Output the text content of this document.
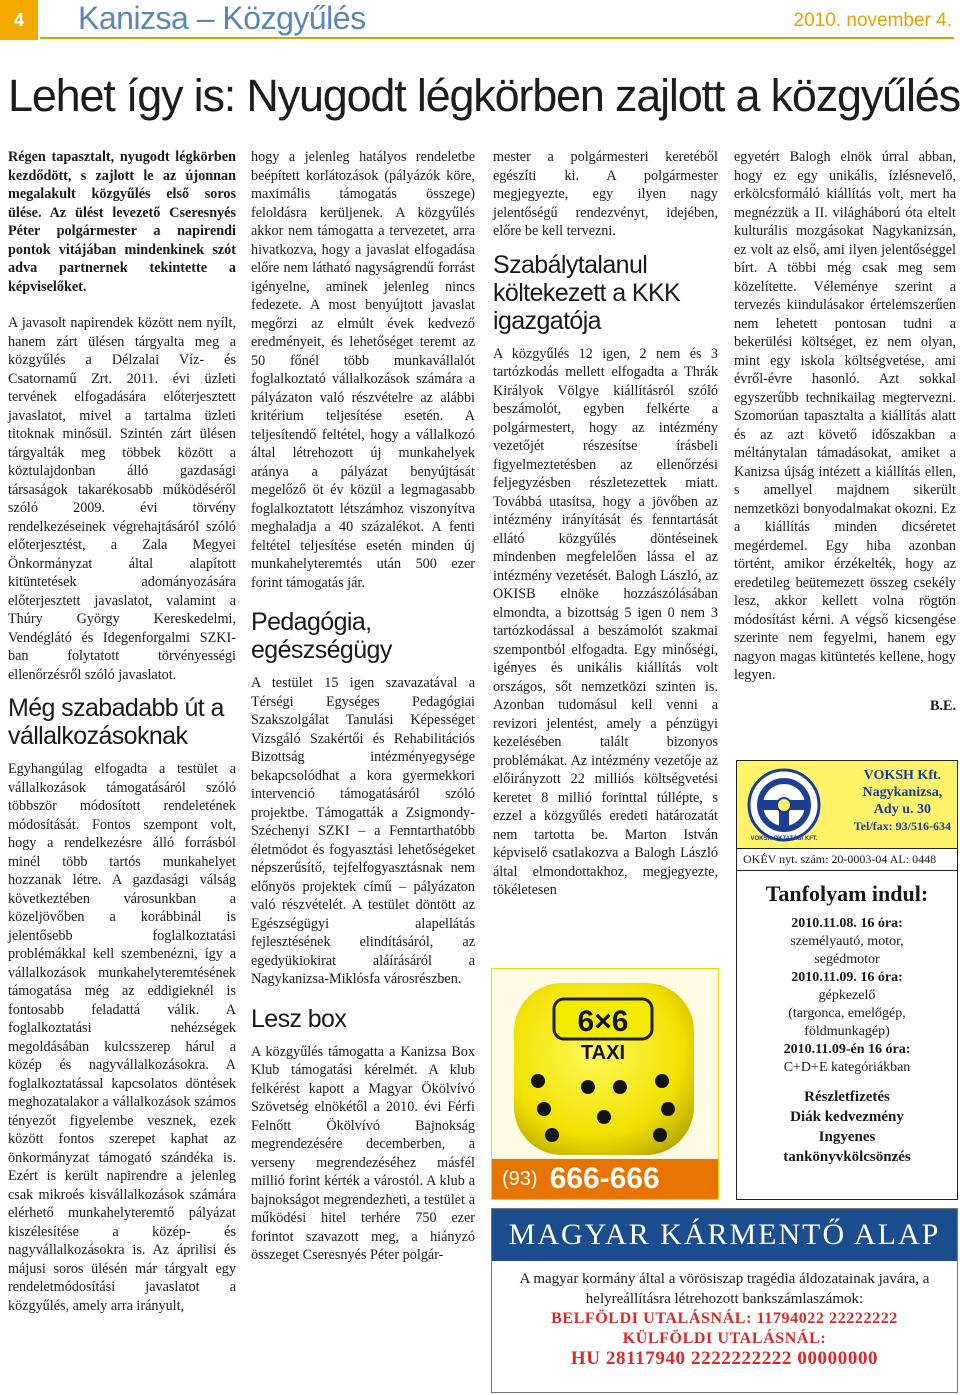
4	Kanizsa – Közgyűlés	2010. november 4.
Lehet így is: Nyugodt légkörben zajlott a közgyűlés

Régen tapasztalt, nyugodt légkörben kezdődött, s zajlott le az újonnan megalakult közgyűlés első soros ülése. Az ülést levezető Cseresnyés Péter polgármester a napirendi pontok vitájában mindenkinek szót adva partnernek tekintette a képviselőket.

A javasolt napirendek között nem nyílt, hanem zárt ülésen tárgyalta meg a közgyűlés a Délzalai Víz- és Csatornamű Zrt. 2011. évi üzleti tervének elfogadására előterjesztett javaslatot, mivel a tartalma üzleti titoknak minősül. Szintén zárt ülésen tárgyalták meg többek között a köztulajdonban álló gazdasági társaságok takarékosabb működéséről szóló 2009. évi törvény rendelkezéseinek végrehajtásáról szóló előterjesztést, a Zala Megyei Önkormányzat által alapított kitüntetések adományozására előterjesztett javaslatot, valamint a Thúry György Kereskedelmi, Vendéglátó és Idegenforgalmi SZKI-ban folytatott törvényességi ellenőrzésről szóló javaslatot.

Még szabadabb út a vállalkozásoknak

Egyhangúlag elfogadta a testület a vállalkozások támogatásáról szóló többször módosított rendeletének módosítását. Fontos szempont volt, hogy a rendelkezésre álló forrásból minél több tartós munkahelyet hozzanak létre. A gazdasági válság következtében városunkban a közeljövőben a korábbinál is jelentősebb foglalkoztatási problémákkal kell szembenézni, így a vállalkozások munkahelyteremtésének támogatása még az eddigieknél is fontosabb feladattá válik. A foglalkoztatási nehézségek megoldásában kulcsszerep hárul a közép és nagyvállalkozásokra. A foglalkoztatással kapcsolatos döntések meghozatalakor a vállalkozások számos tényezőt figyelembe vesznek, ezek között fontos szerepet kaphat az önkormányzat támogató szándéka is. Ezért is került napirendre a jelenleg csak mikroés kisvállalkozások számára elérhető munkahelyteremtő pályázat kiszélesítése a közép- és nagyvállalkozásokra is. Az áprilisi és májusi soros ülésén már tárgyalt egy rendeletmódosítási javaslatot a közgyűlés, amely arra irányult,

hogy a jelenleg hatályos rendeletbe beépített korlátozások (pályázók köre, maximális támogatás összege) feloldásra kerüljenek. A közgyűlés akkor nem támogatta a tervezetet, arra hivatkozva, hogy a javaslat elfogadása előre nem látható nagyságrendű forrást igényelne, aminek jelenleg nincs fedezete. A most benyújtott javaslat megőrzi az elmúlt évek kedvező eredményeit, és lehetőséget teremt az 50 főnél több munkavállalót foglalkoztató vállalkozások számára a pályázaton való részvételre az alábbi kritérium teljesítése esetén. A teljesítendő feltétel, hogy a vállalkozó által létrehozott új munkahelyek aránya a pályázat benyújtását megelőző öt év közül a legmagasabb foglalkoztatott létszámhoz viszonyítva meghaladja a 40 százalékot. A fenti feltétel teljesítése esetén minden új munkahelyteremtés után 500 ezer forint támogatás jár.

Pedagógia, egészségügy

A testület 15 igen szavazatával a Térségi Egységes Pedagógiai Szakszolgálat Tanulási Képességet Vizsgáló Szakértői és Rehabilitációs Bizottság intézményegysége bekapcsolódhat a kora gyermekkori intervenció támogatásáról szóló projektbe. Támogatták a Zsigmondy-Széchenyi SZKI – a Fenntarthatóbb életmódot és fogyasztási lehetőségeket népszerűsítő, tejfelfogyasztásnak nem előnyös projektek című – pályázaton való részvételét. A testület döntött az Egészségügyi alapellátás fejlesztésének elindításáról, az egedyükiokirat aláírásáról a Nagykanizsa-Miklósfa városrészben.

Lesz box

A közgyűlés támogatta a Kanizsa Box Klub támogatási kérelmét. A klub felkérést kapott a Magyar Ökölvívó Szövetség elnökétől a 2010. évi Férfi Felnőtt Ökölvívó Bajnokság megrendezésére decemberben, a verseny megrendezéséhez másfél millió forint kérték a várostól. A klub a bajnokságot megrendezheti, a testület a működési hitel terhére 750 ezer forintot szavazott meg, a hiányzó összeget Cseresnyés Péter polgár-

mester a polgármesteri keretéből egészíti ki. A polgármester megjegyezte, egy ilyen nagy jelentőségű rendezvényt, idejében, előre be kell tervezni.

Szabálytalanul költekezett a KKK igazgatója

A közgyűlés 12 igen, 2 nem és 3 tartózkodás mellett elfogadta a Thrák Királyok Völgye kiállításról szóló beszámolót, egyben felkérte a polgármestert, hogy az intézmény vezetőjét részesítse írásbeli figyelmeztetésben az ellenőrzési feljegyzésben részletezettek miatt. Továbbá utasítsa, hogy a jövőben az intézmény irányítását és fenntartását ellátó közgyűlés döntéseinek mindenben megfelelően lássa el az intézmény vezetését. Balogh László, az OKISB elnöke hozzászólásában elmondta, a bizottság 5 igen 0 nem 3 tartózkodással a beszámolót szakmai szempontból elfogadta. Egy minőségi, igényes és unikális kiállítás volt országos, sőt nemzetközi szinten is. Azonban tudomásul kell venni a revizori jelentést, amely a pénzügyi kezelésében talált bizonyos problémákat. Az intézmény vezetője az előirányzott 22 milliós költségvetési keretet 8 millió forinttal túllépte, s ezzel a közgyűlés eredeti határozatát nem tartotta be. Marton István képviselő csatlakozva a Balogh László által elmondottakhoz, megjegyezte, tökéletesen

egyetért Balogh elnök úrral abban, hogy ez egy unikális, ízlésnevelő, erkölcsformáló kiállítás volt, mert ha megnézzük a II. világháború óta eltelt kulturális mozgásokat Nagykanizsán, ez volt az első, ami ilyen jelentőséggel bírt. A többi még csak meg sem közelítette. Véleménye szerint a tervezés kiindulásakor értelemszerűen nem lehetett pontosan tudni a bekerülési költséget, ez nem olyan, mint egy iskola költségvetése, ami évről-évre hasonló. Azt sokkal egyszerűbb technikailag megtervezni. Szomorúan tapasztalta a kiállítás alatt és az azt követő időszakban a méltánytalan támadásokat, amiket a Kanizsa újság intézett a kiállítás ellen, s amellyel majdnem sikerült nemzetközi bonyodalmakat okozni. Ez a kiállítás minden dicséretet megérdemel. Egy hiba azonban történt, amikor érzékelték, hogy az eredetileg beütemezett összeg csekély lesz, akkor kellett volna rögtön módosítást kérni. A végső kicsengése szerinte nem fegyelmi, hanem egy nagyon magas kitüntetés kellene, hogy legyen.

B.E.

6×6
TAXI
(93) 666-666
VOKSH OKTATÁSI KFT.
VOKSH Kft.
Nagykanizsa,
Ady u. 30
Tel/fax: 93/516-634
OKÉV nyt. szám: 20-0003-04 AL: 0448
Tanfolyam indul:
2010.11.08. 16 óra:
személyautó, motor,
segédmotor
2010.11.09. 16 óra:
gépkezelő
(targonca, emelőgép,
földmunkagép)
2010.11.09-én 16 óra:
C+D+E kategóriákban
Részletfizetés
Diák kedvezmény
Ingyenes
tankönyvkölcsönzés
MAGYAR KÁRMENTŐ ALAP
A magyar kormány által a vörösiszap tragédia áldozatainak javára, a helyreállításra létrehozott bankszámlaszámok:
BELFÖLDI UTALÁSNÁL: 11794022 22222222
KÜLFÖLDI UTALÁSNÁL:
HU 28117940 2222222222 00000000
